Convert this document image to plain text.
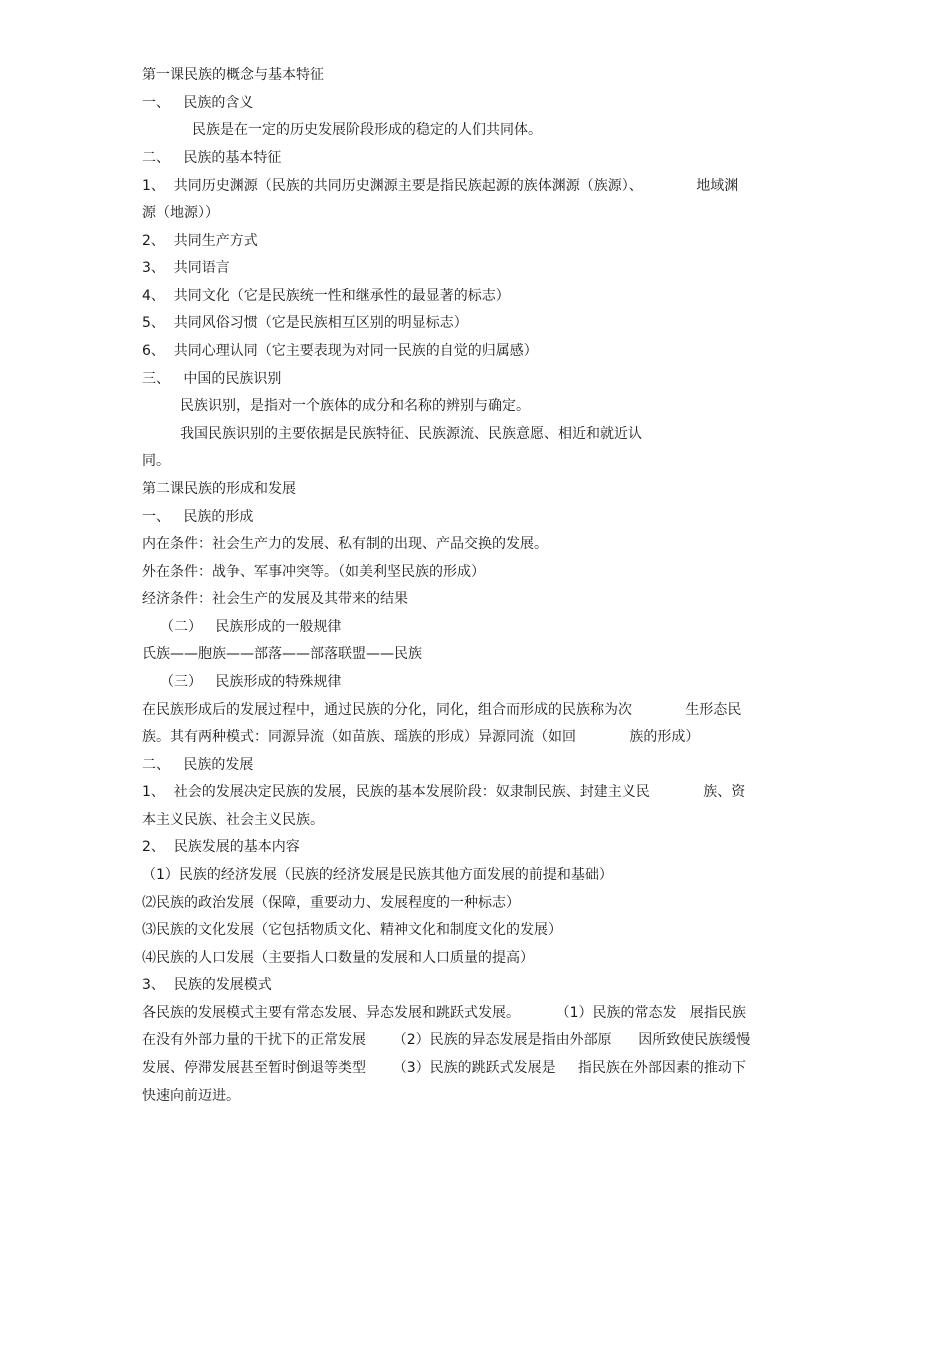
第一课民族的概念与基本特征
一、   民族的含义
民族是在一定的历史发展阶段形成的稳定的人们共同体。
二、   民族的基本特征
1、  共同历史渊源（民族的共同历史渊源主要是指民族起源的族体渊源（族源）、            地域渊
源（地源））
2、  共同生产方式
3、  共同语言
4、  共同文化（它是民族统一性和继承性的最显著的标志）
5、  共同风俗习惯（它是民族相互区别的明显标志）
6、  共同心理认同（它主要表现为对同一民族的自觉的归属感）
三、   中国的民族识别
民族识别，是指对一个族体的成分和名称的辨别与确定。
我国民族识别的主要依据是民族特征、民族源流、民族意愿、相近和就近认
同。
第二课民族的形成和发展
一、   民族的形成
内在条件：社会生产力的发展、私有制的出现、产品交换的发展。
外在条件：战争、军事冲突等。（如美利坚民族的形成）
经济条件：社会生产的发展及其带来的结果
（二）   民族形成的一般规律
氏族——胞族——部落——部落联盟——民族
（三）   民族形成的特殊规律
在民族形成后的发展过程中，通过民族的分化，同化，组合而形成的民族称为次            生形态民
族。其有两种模式：同源异流（如苗族、瑶族的形成）异源同流（如回            族的形成）
二、   民族的发展
1、  社会的发展决定民族的发展，民族的基本发展阶段：奴隶制民族、封建主义民            族、资
本主义民族、社会主义民族。
2、  民族发展的基本内容
（1）民族的经济发展（民族的经济发展是民族其他方面发展的前提和基础）
⑵民族的政治发展（保障，重要动力、发展程度的一种标志）
⑶民族的文化发展（它包括物质文化、精神文化和制度文化的发展）
⑷民族的人口发展（主要指人口数量的发展和人口质量的提高）
3、  民族的发展模式
各民族的发展模式主要有常态发展、异态发展和跳跃式发展。        （1）民族的常态发   展指民族
在没有外部力量的干扰下的正常发展      （2）民族的异态发展是指由外部原      因所致使民族缓慢
发展、停滞发展甚至暂时倒退等类型      （3）民族的跳跃式发展是     指民族在外部因素的推动下
快速向前迈进。
